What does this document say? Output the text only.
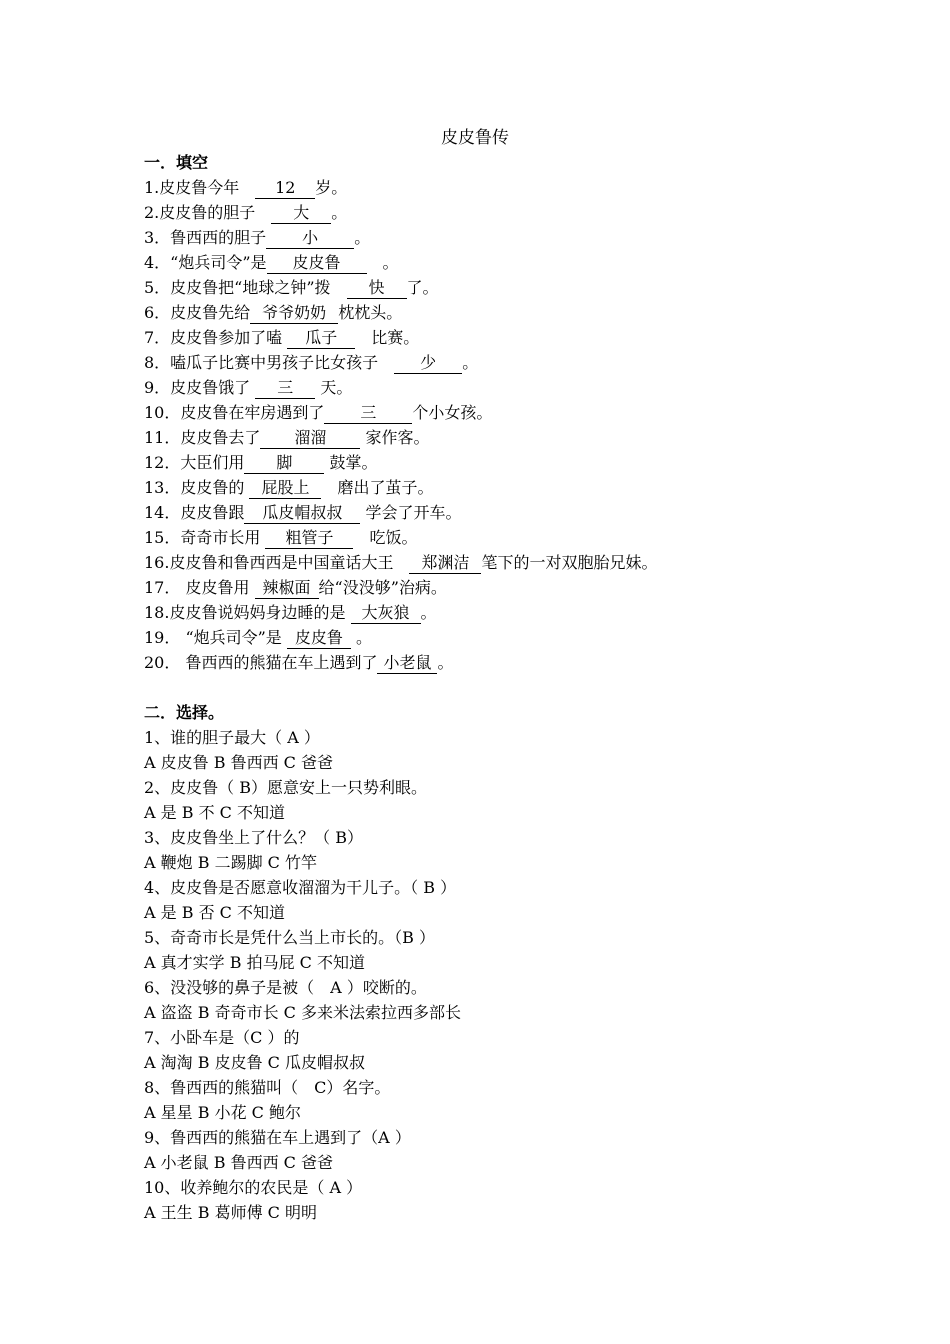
皮皮鲁传
一．填空
1.皮皮鲁今年　12 岁。
2.皮皮鲁的胆子　大 。
3．鲁西西的胆子 小 。
4．“炮兵司令”是 皮皮鲁　。
5．皮皮鲁把“地球之钟”拨　快 了。
6．皮皮鲁先给 爷爷奶奶 枕枕头。
7．皮皮鲁参加了嗑 瓜子　比赛。
8．嗑瓜子比赛中男孩子比女孩子　少 。
9．皮皮鲁饿了 三 天。
10．皮皮鲁在牢房遇到了 三 个小女孩。
11．皮皮鲁去了 溜溜 家作客。
12．大臣们用 脚 鼓掌。
13．皮皮鲁的 屁股上　磨出了茧子。
14．皮皮鲁跟 瓜皮帽叔叔 学会了开车。
15．奇奇市长用 粗管子　吃饭。
16.皮皮鲁和鲁西西是中国童话大王　郑渊洁 笔下的一对双胞胎兄妹。
17． 皮皮鲁用 辣椒面 给“没没够”治病。
18.皮皮鲁说妈妈身边睡的是 大灰狼 。
19． “炮兵司令”是 皮皮鲁 。
20． 鲁西西的熊猫在车上遇到了 小老鼠 。
二．选择。
1、谁的胆子最大（ A ）
A 皮皮鲁 B 鲁西西 C 爸爸
2、皮皮鲁（ B）愿意安上一只势利眼。
A 是 B 不 C 不知道
3、皮皮鲁坐上了什么？（ B）
A 鞭炮 B 二踢脚 C 竹竿
4、皮皮鲁是否愿意收溜溜为干儿子。（ B ）
A 是 B 否 C 不知道
5、奇奇市长是凭什么当上市长的。（B ）
A 真才实学 B 拍马屁 C 不知道
6、没没够的鼻子是被（　A ）咬断的。
A 盗盗 B 奇奇市长 C 多来米法索拉西多部长
7、小卧车是（C ）的
A 淘淘 B 皮皮鲁 C 瓜皮帽叔叔
8、鲁西西的熊猫叫（　C）名字。
A 星星 B 小花 C 鲍尔
9、鲁西西的熊猫在车上遇到了（A ）
A 小老鼠 B 鲁西西 C 爸爸
10、收养鲍尔的农民是（ A ）
A 王生 B 葛师傅 C 明明
